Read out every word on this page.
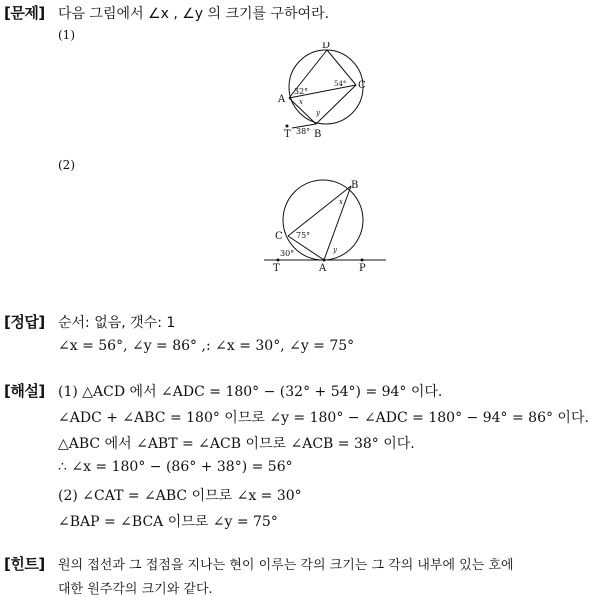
[문제] 다음 그림에서 ∠x , ∠y 의 크기를 구하여라.
(1)
D
C
A
B
T
32°
54°
38°
x
y
(2)
B
C
T	A	P
75°
30°
x
y
[정답] 순서: 없음, 갯수: 1
∠x = 56°, ∠y = 86° ,: ∠x = 30°, ∠y = 75°
[해설] (1) △ACD 에서 ∠ADC = 180° − (32° + 54°) = 94° 이다.
∠ADC + ∠ABC = 180° 이므로 ∠y = 180° − ∠ADC = 180° − 94° = 86° 이다.
△ABC 에서 ∠ABT = ∠ACB 이므로 ∠ACB = 38° 이다.
∴ ∠x = 180° − (86° + 38°) = 56°
(2) ∠CAT = ∠ABC 이므로 ∠x = 30°
∠BAP = ∠BCA 이므로 ∠y = 75°
[힌트] 원의 접선과 그 접점을 지나는 현이 이루는 각의 크기는 그 각의 내부에 있는 호에
대한 원주각의 크기와 같다.
